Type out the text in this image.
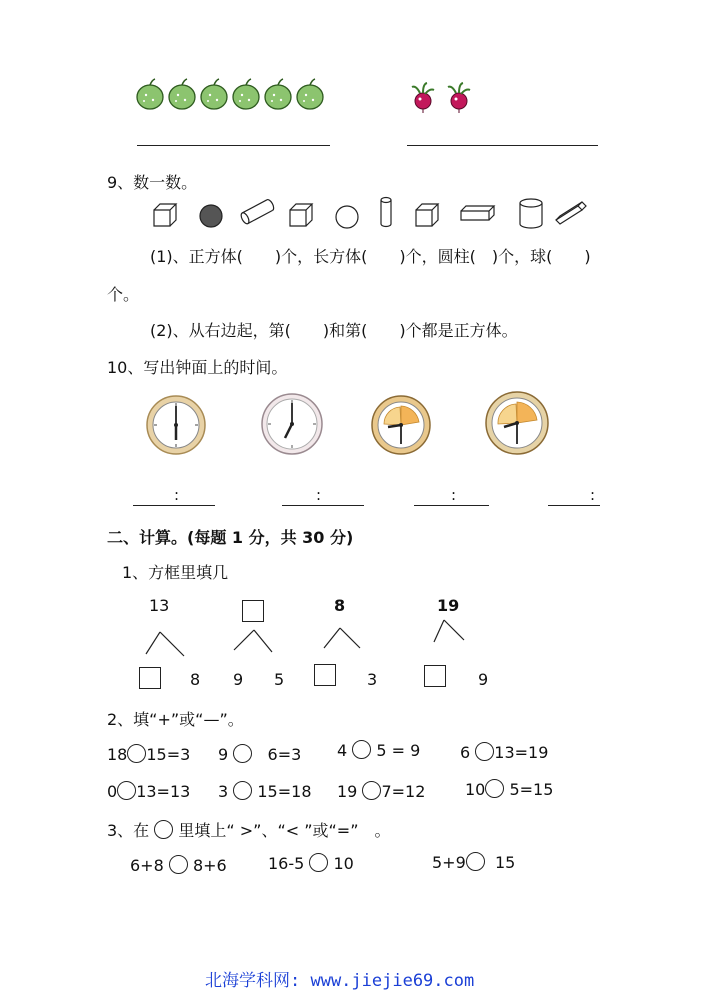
9、数一数。
(1)、正方体(　　)个，长方体(　　)个，圆柱(　)个，球(　　)
个。
(2)、从右边起，第(　　)和第(　　)个都是正方体。
10、写出钟面上的时间。
:	:	:	:
二、计算。(每题 1 分，共 30 分)
1、方框里填几
13
8 9 5
8
3
19
9
2、填“+”或“—”。
18 15=3 9 6=3 4 5 = 9 6 13=19
0 13=13 3 15=18 19 7=12 10 5=15
3、在 里填上“ >”、“< ”或“=”　。
6+8 8+6	16-5 10	5+9 15
北海学科网: www.jiejie69.com
